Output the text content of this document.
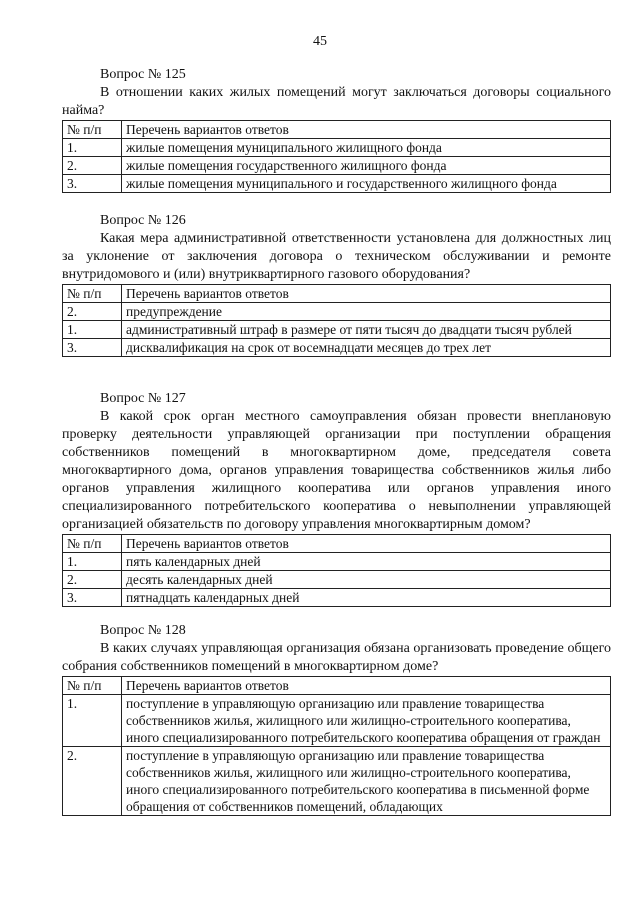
45

Вопрос № 125

В отношении каких жилых помещений могут заключаться договоры социального найма?

№ п/п	Перечень вариантов ответов
1.	жилые помещения муниципального жилищного фонда
2.	жилые помещения государственного жилищного фонда
3.	жилые помещения муниципального и государственного жилищного фонда

Вопрос № 126

Какая мера административной ответственности установлена для должностных лиц за уклонение от заключения договора о техническом обслуживании и ремонте внутридомового и (или) внутриквартирного газового оборудования?

№ п/п	Перечень вариантов ответов
2.	предупреждение
1.	административный штраф в размере от пяти тысяч до двадцати тысяч рублей
3.	дисквалификация на срок от восемнадцати месяцев до трех лет

Вопрос № 127

В какой срок орган местного самоуправления обязан провести внеплановую проверку деятельности управляющей организации при поступлении обращения собственников помещений в многоквартирном доме, председателя совета многоквартирного дома, органов управления товарищества собственников жилья либо органов управления жилищного кооператива или органов управления иного специализированного потребительского кооператива о невыполнении управляющей организацией обязательств по договору управления многоквартирным домом?

№ п/п	Перечень вариантов ответов
1.	пять календарных дней
2.	десять календарных дней
3.	пятнадцать календарных дней

Вопрос № 128

В каких случаях управляющая организация обязана организовать проведение общего собрания собственников помещений в многоквартирном доме?

№ п/п	Перечень вариантов ответов
1.	поступление в управляющую организацию или правление товарищества собственников жилья, жилищного или жилищно-строительного кооператива, иного специализированного потребительского кооператива обращения от граждан
2.	поступление в управляющую организацию или правление товарищества собственников жилья, жилищного или жилищно-строительного кооператива, иного специализированного потребительского кооператива в письменной форме обращения от собственников помещений, обладающих
